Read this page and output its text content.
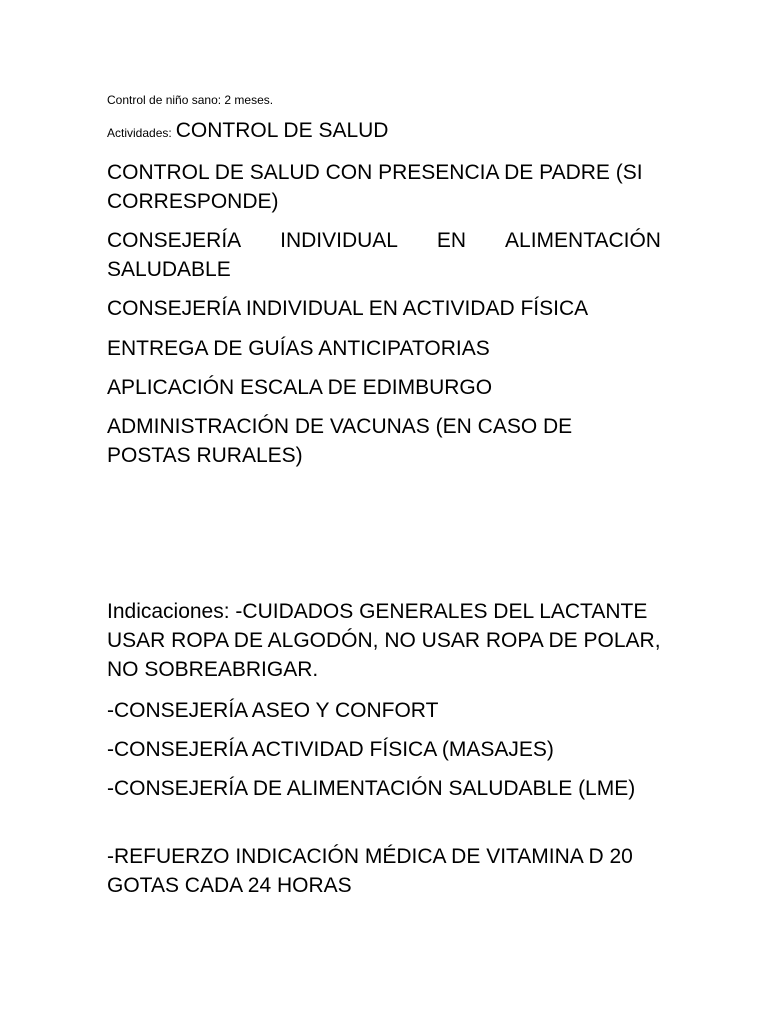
Control de niño sano: 2 meses.
Actividades: CONTROL DE SALUD

CONTROL DE SALUD CON PRESENCIA DE PADRE (SI CORRESPONDE)

CONSEJERÍA INDIVIDUAL EN ALIMENTACIÓN
SALUDABLE

CONSEJERÍA INDIVIDUAL EN ACTIVIDAD FÍSICA

ENTREGA DE GUÍAS ANTICIPATORIAS

APLICACIÓN ESCALA DE EDIMBURGO

ADMINISTRACIÓN DE VACUNAS (EN CASO DE POSTAS RURALES)

Indicaciones: -CUIDADOS GENERALES DEL LACTANTE USAR ROPA DE ALGODÓN, NO USAR ROPA DE POLAR, NO SOBREABRIGAR.

-CONSEJERÍA ASEO Y CONFORT

-CONSEJERÍA ACTIVIDAD FÍSICA (MASAJES)

-CONSEJERÍA DE ALIMENTACIÓN SALUDABLE (LME)

-REFUERZO INDICACIÓN MÉDICA DE VITAMINA D 20 GOTAS CADA 24 HORAS
